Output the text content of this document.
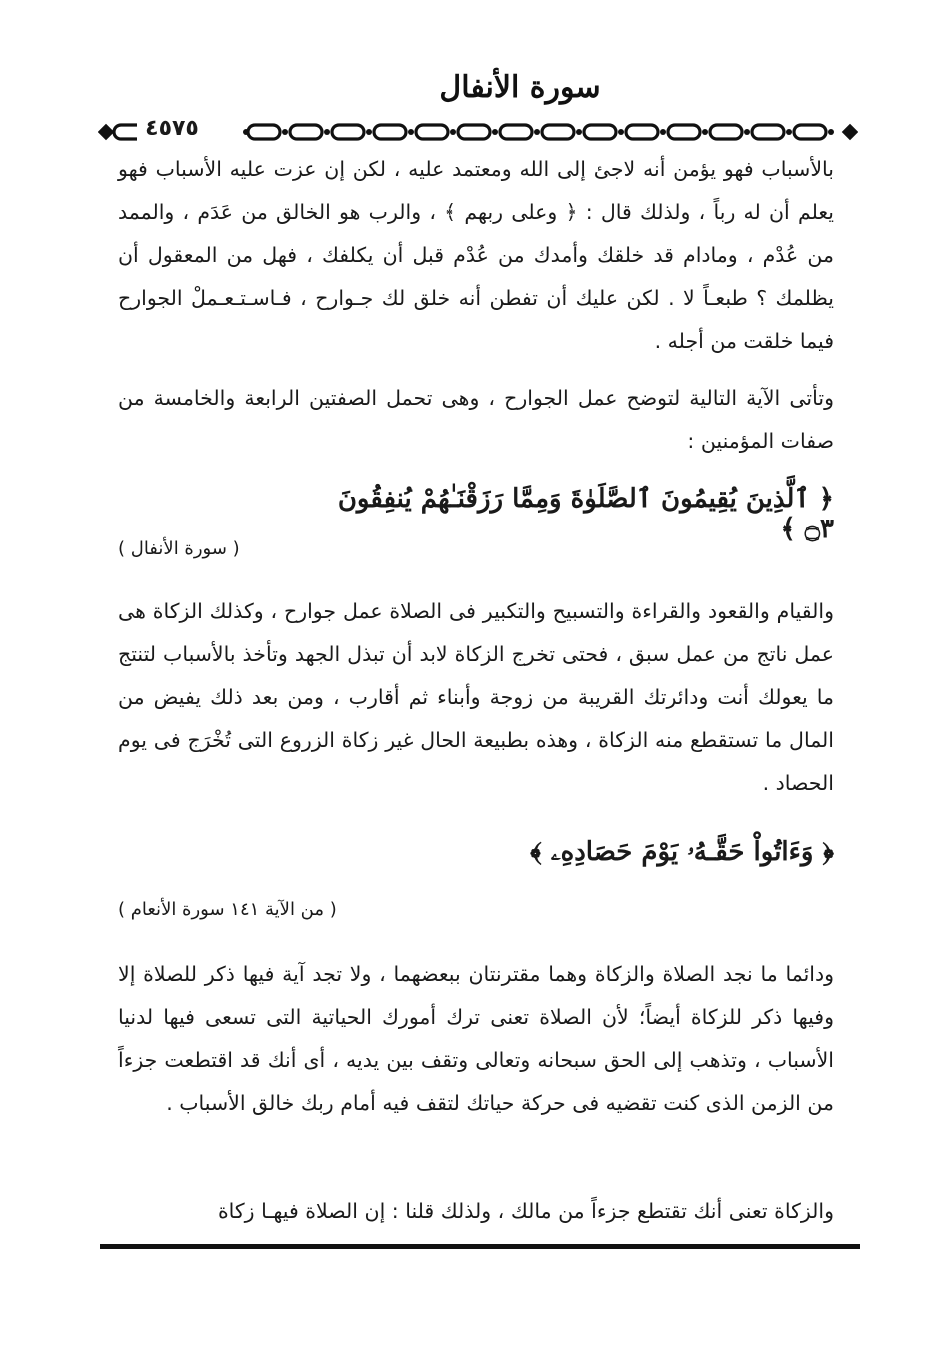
سورة الأنفال
٤٥٧٥
بالأسباب فهو يؤمن أنه لاجئ إلى الله ومعتمد عليه ، لكن إن عزت عليه الأسباب فهو يعلم أن له رباً ، ولذلك قال : ﴿ وعلى ربهم ﴾ ، والرب هو الخالق من عَدَم ، والممد من عُدْم ، ومادام قد خلقك وأمدك من عُدْم قبل أن يكلفك ، فهل من المعقول أن يظلمك ؟ طبعـاً لا . لكن عليك أن تفطن أنه خلق لك جـوارح ، فـاسـتـعـملْ الجوارح فيما خلقت من أجله .
وتأتى الآية التالية لتوضح عمل الجوارح ، وهى تحمل الصفتين الرابعة والخامسة من صفات المؤمنين :
﴿ ٱلَّذِينَ يُقِيمُونَ ٱلصَّلَوٰةَ وَمِمَّا رَزَقْنَـٰهُمْ يُنفِقُونَ ۝٣ ﴾
( سورة الأنفال )
والقيام والقعود والقراءة والتسبيح والتكبير فى الصلاة عمل جوارح ، وكذلك الزكاة هى عمل ناتج من عمل سبق ، فحتى تخرج الزكاة لابد أن تبذل الجهد وتأخذ بالأسباب لتنتج ما يعولك أنت ودائرتك القريبة من زوجة وأبناء ثم أقارب ، ومن بعد ذلك يفيض من المال ما تستقطع منه الزكاة ، وهذه بطبيعة الحال غير زكاة الزروع التى تُخْرَج فى يوم الحصاد .
﴿ وَءَاتُواْ حَقَّـهُۥ يَوْمَ حَصَادِهِۦ ﴾
( من الآية ١٤١ سورة الأنعام )
ودائما ما نجد الصلاة والزكاة وهما مقترنتان ببعضهما ، ولا تجد آية فيها ذكر للصلاة إلا وفيها ذكر للزكاة أيضاً؛ لأن الصلاة تعنى ترك أمورك الحياتية التى تسعى فيها لدنيا الأسباب ، وتذهب إلى الحق سبحانه وتعالى وتقف بين يديه ، أى أنك قد اقتطعت جزءاً من الزمن الذى كنت تقضيه فى حركة حياتك لتقف فيه أمام ربك خالق الأسباب .
والزكاة تعنى أنك تقتطع جزءاً من مالك ، ولذلك قلنا : إن الصلاة فيهـا زكاة
